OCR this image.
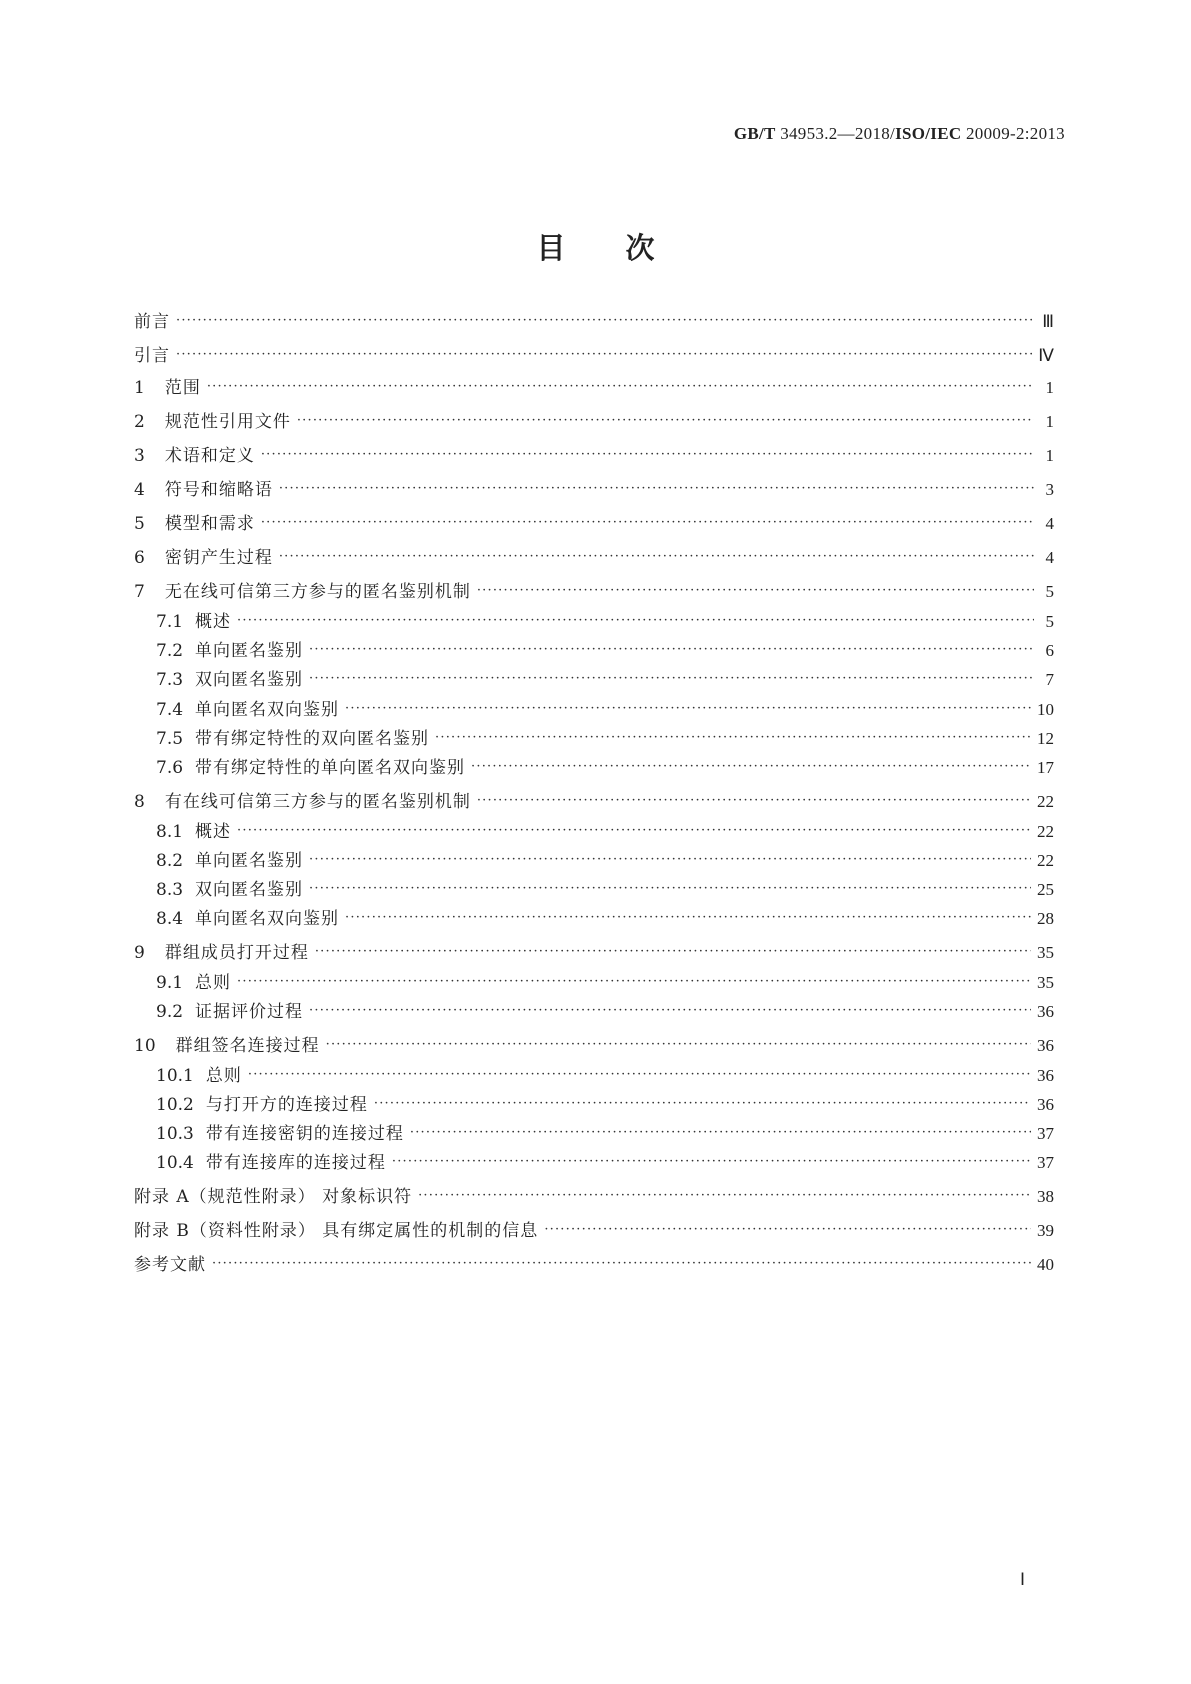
GB/T 34953.2—2018/ISO/IEC 20009-2:2013
目次
前言 ·····	Ⅲ
引言 ·····	Ⅳ
1 范围 ·····	1
2 规范性引用文件 ·····	1
3 术语和定义 ·····	1
4 符号和缩略语 ·····	3
5 模型和需求 ·····	4
6 密钥产生过程 ·····	4
7 无在线可信第三方参与的匿名鉴别机制 ·····	5
7.1 概述 ·····	5
7.2 单向匿名鉴别 ·····	6
7.3 双向匿名鉴别 ·····	7
7.4 单向匿名双向鉴别 ·····	10
7.5 带有绑定特性的双向匿名鉴别 ·····	12
7.6 带有绑定特性的单向匿名双向鉴别 ·····	17
8 有在线可信第三方参与的匿名鉴别机制 ·····	22
8.1 概述 ·····	22
8.2 单向匿名鉴别 ·····	22
8.3 双向匿名鉴别 ·····	25
8.4 单向匿名双向鉴别 ·····	28
9 群组成员打开过程 ·····	35
9.1 总则 ·····	35
9.2 证据评价过程 ·····	36
10 群组签名连接过程 ·····	36
10.1 总则 ·····	36
10.2 与打开方的连接过程 ·····	36
10.3 带有连接密钥的连接过程 ·····	37
10.4 带有连接库的连接过程 ·····	37
附录 A（规范性附录） 对象标识符 ·····	38
附录 B（资料性附录） 具有绑定属性的机制的信息 ·····	39
参考文献 ·····	40
Ⅰ
